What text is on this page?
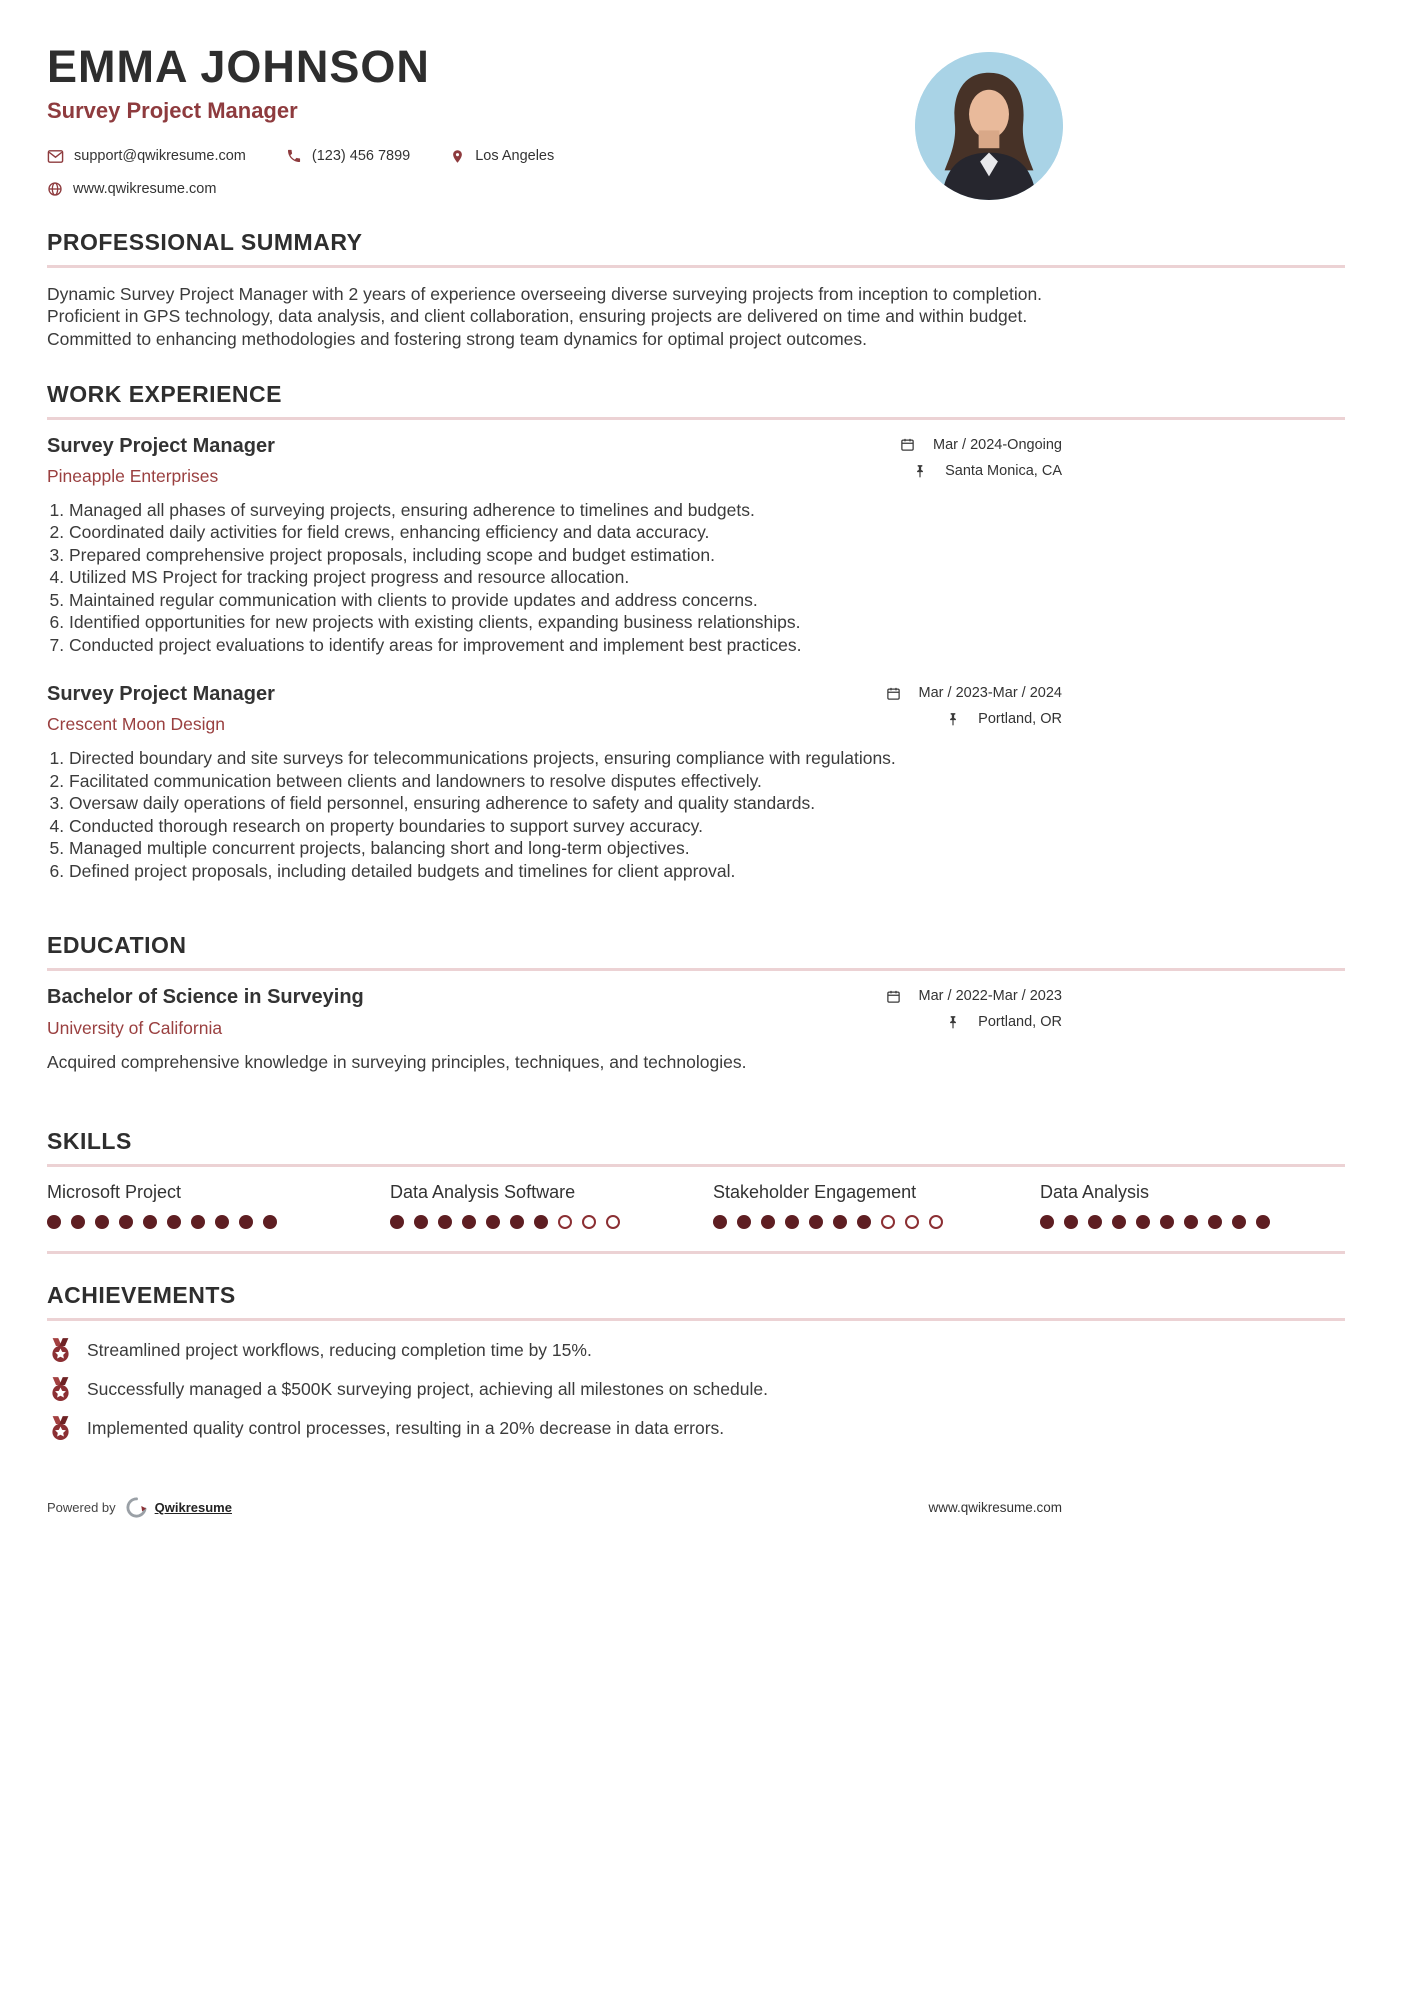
EMMA JOHNSON
Survey Project Manager
support@qwikresume.com	(123) 456 7899	Los Angeles
www.qwikresume.com
PROFESSIONAL SUMMARY

Dynamic Survey Project Manager with 2 years of experience overseeing diverse surveying projects from inception to completion. Proficient in GPS technology, data analysis, and client collaboration, ensuring projects are delivered on time and within budget. Committed to enhancing methodologies and fostering strong team dynamics for optimal project outcomes.

WORK EXPERIENCE
Survey Project Manager
Pineapple Enterprises
Mar / 2024-Ongoing
Santa Monica, CA
1. Managed all phases of surveying projects, ensuring adherence to timelines and budgets.
2. Coordinated daily activities for field crews, enhancing efficiency and data accuracy.
3. Prepared comprehensive project proposals, including scope and budget estimation.
4. Utilized MS Project for tracking project progress and resource allocation.
5. Maintained regular communication with clients to provide updates and address concerns.
6. Identified opportunities for new projects with existing clients, expanding business relationships.
7. Conducted project evaluations to identify areas for improvement and implement best practices.
Survey Project Manager
Crescent Moon Design
Mar / 2023-Mar / 2024
Portland, OR
1. Directed boundary and site surveys for telecommunications projects, ensuring compliance with regulations.
2. Facilitated communication between clients and landowners to resolve disputes effectively.
3. Oversaw daily operations of field personnel, ensuring adherence to safety and quality standards.
4. Conducted thorough research on property boundaries to support survey accuracy.
5. Managed multiple concurrent projects, balancing short and long-term objectives.
6. Defined project proposals, including detailed budgets and timelines for client approval.
EDUCATION
Bachelor of Science in Surveying
University of California
Mar / 2022-Mar / 2023
Portland, OR
Acquired comprehensive knowledge in surveying principles, techniques, and technologies.
SKILLS
Microsoft Project	Data Analysis Software	Stakeholder Engagement	Data Analysis
ACHIEVEMENTS
Streamlined project workflows, reducing completion time by 15%.
Successfully managed a $500K surveying project, achieving all milestones on schedule.
Implemented quality control processes, resulting in a 20% decrease in data errors.
Powered by	Qwikresume	www.qwikresume.com
